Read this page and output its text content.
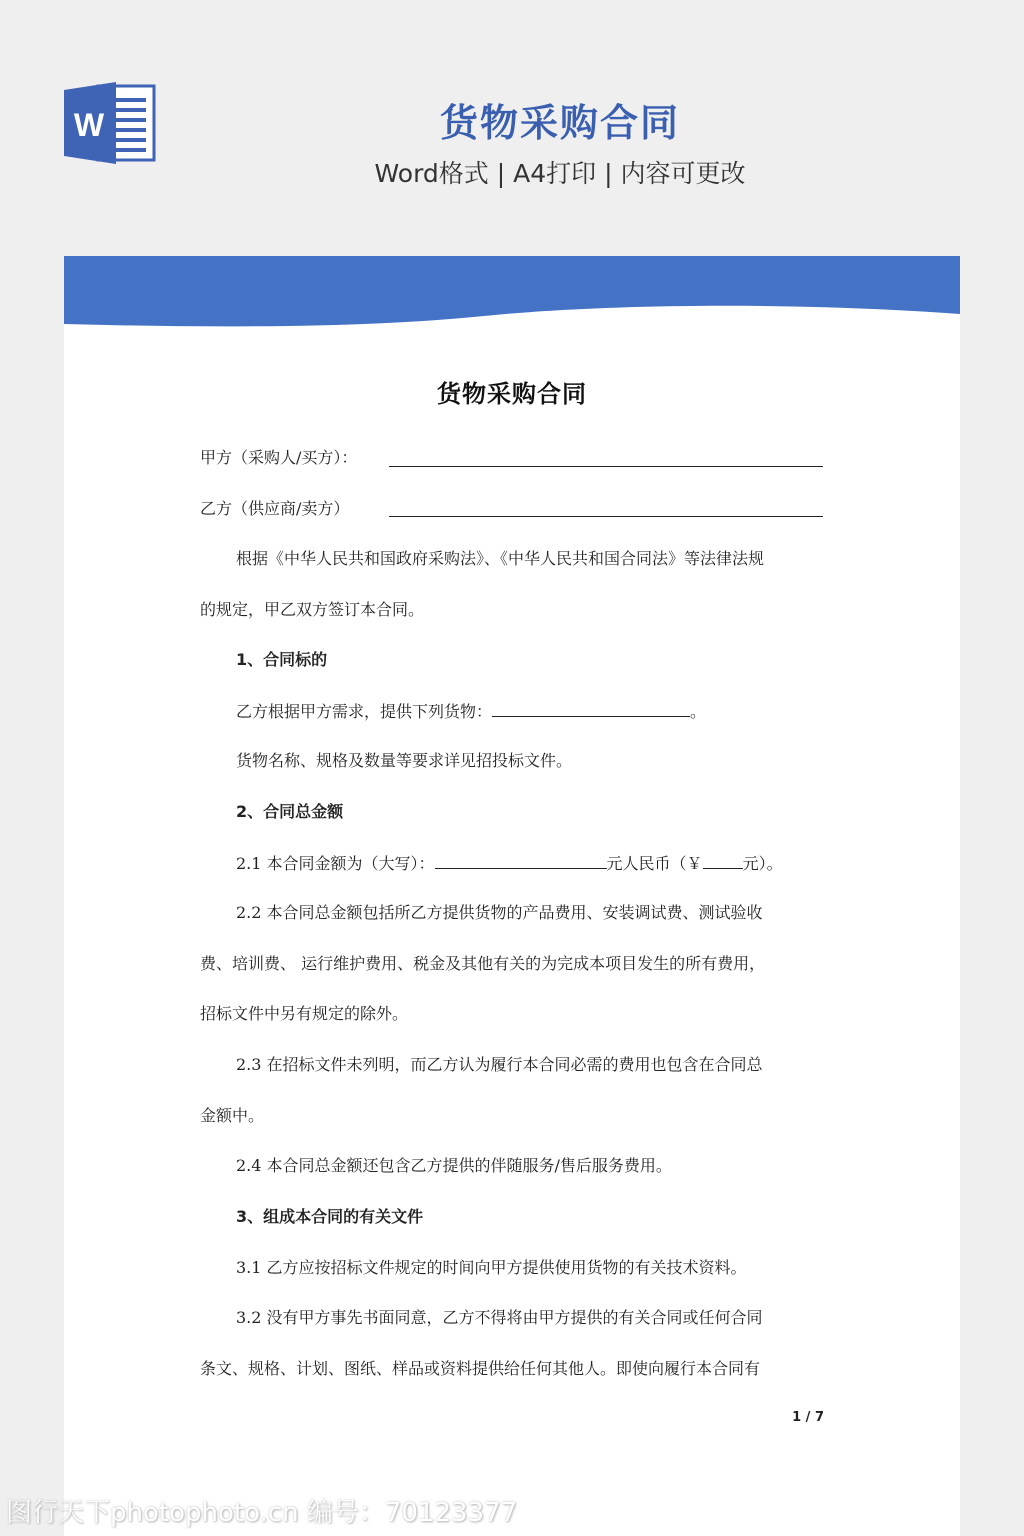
W	货物采购合同
Word格式 | A4打印 | 内容可更改
货物采购合同
甲方（采购人/买方）：
乙方（供应商/卖方）
根据《中华人民共和国政府采购法》、《中华人民共和国合同法》等法律法规
的规定，甲乙双方签订本合同。
1、合同标的
乙方根据甲方需求，提供下列货物：	。
货物名称、规格及数量等要求详见招投标文件。
2、合同总金额
2.1 本合同金额为（大写）：	元人民币（￥	元）。
2.2 本合同总金额包括所乙方提供货物的产品费用、安装调试费、测试验收
费、培训费、 运行维护费用、税金及其他有关的为完成本项目发生的所有费用，
招标文件中另有规定的除外。
2.3 在招标文件未列明，而乙方认为履行本合同必需的费用也包含在合同总
金额中。
2.4 本合同总金额还包含乙方提供的伴随服务/售后服务费用。
3、组成本合同的有关文件
3.1 乙方应按招标文件规定的时间向甲方提供使用货物的有关技术资料。
3.2 没有甲方事先书面同意，乙方不得将由甲方提供的有关合同或任何合同
条文、规格、计划、图纸、样品或资料提供给任何其他人。即使向履行本合同有
1 / 7
图行天下photophoto.cn 编号：70123377
